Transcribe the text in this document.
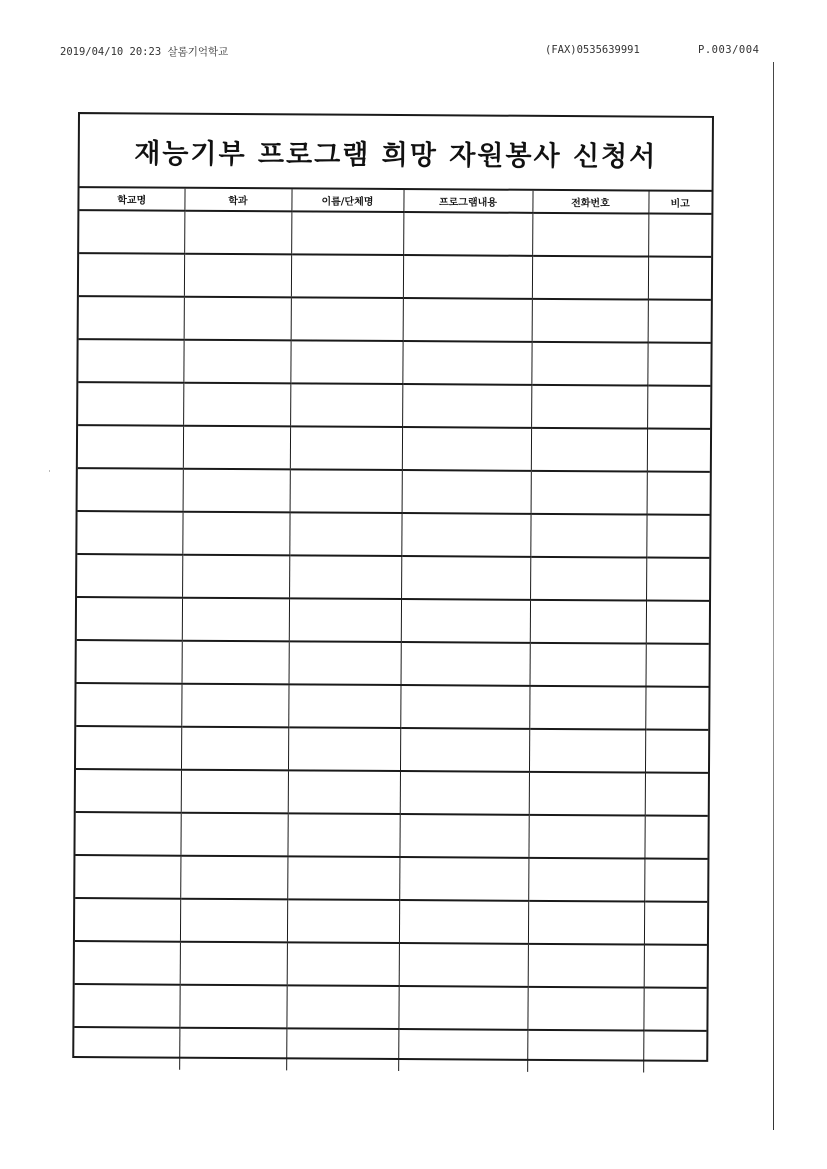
2019/04/10 20:23 살롬기억학교	(FAX)0535639991	P.003/004
재능기부 프로그램 희망 자원봉사 신청서
학교명	학과	이름/단체명	프로그램내용	전화번호	비고
